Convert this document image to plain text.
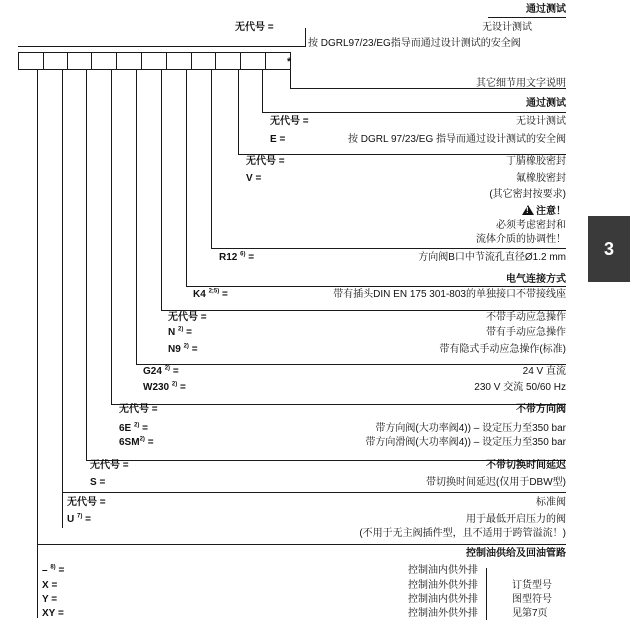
3
通过测试
无代号 =	无设计测试
按 DGRL97/23/EG指导而通过设计测试的安全阀
*
其它细节用文字说明
通过测试
无代号 =	无设计测试
E =	按 DGRL 97/23/EG 指导而通过设计测试的安全阀
无代号 =	丁腈橡胶密封
V =	氟橡胶密封
(其它密封按要求)
!注意！
必须考虑密封和
流体介质的协调性！
R12 $^{6)}$ =	方向阀B口中节流孔直径Ø1.2 mm
电气连接方式
K4 $^{2;5)}$ =	带有插头DIN EN 175 301-803的单独接口不带接线座
无代号 =	不带手动应急操作
N $^{2)}$ =	带有手动应急操作
N9 $^{2)}$ =	带有隐式手动应急操作(标准)
G24 $^{2)}$ =	24 V 直流
W230 $^{2)}$ =	230 V 交流 50/60 Hz
无代号 =	不带方向阀
6E $^{2)}$ =	带方向阀(大功率阀4)) – 设定压力至350 bar
$6SM^{2)}$ =	带方向滑阀(大功率阀4)) – 设定压力至350 bar
无代号 =	不带切换时间延迟
S =	带切换时间延迟(仅用于DBW型)
无代号 =	标准阀
U $^{7)}$ =	用于最低开启压力的阀
(不用于无主阀插件型，且不适用于跨管溢流！)
控制油供给及回油管路
– $^{8)}$ =	控制油内供外排
X =	控制油外供外排
Y =	控制油内供外排
XY =	控制油外供外排
订货型号
图型符号
见第7页
